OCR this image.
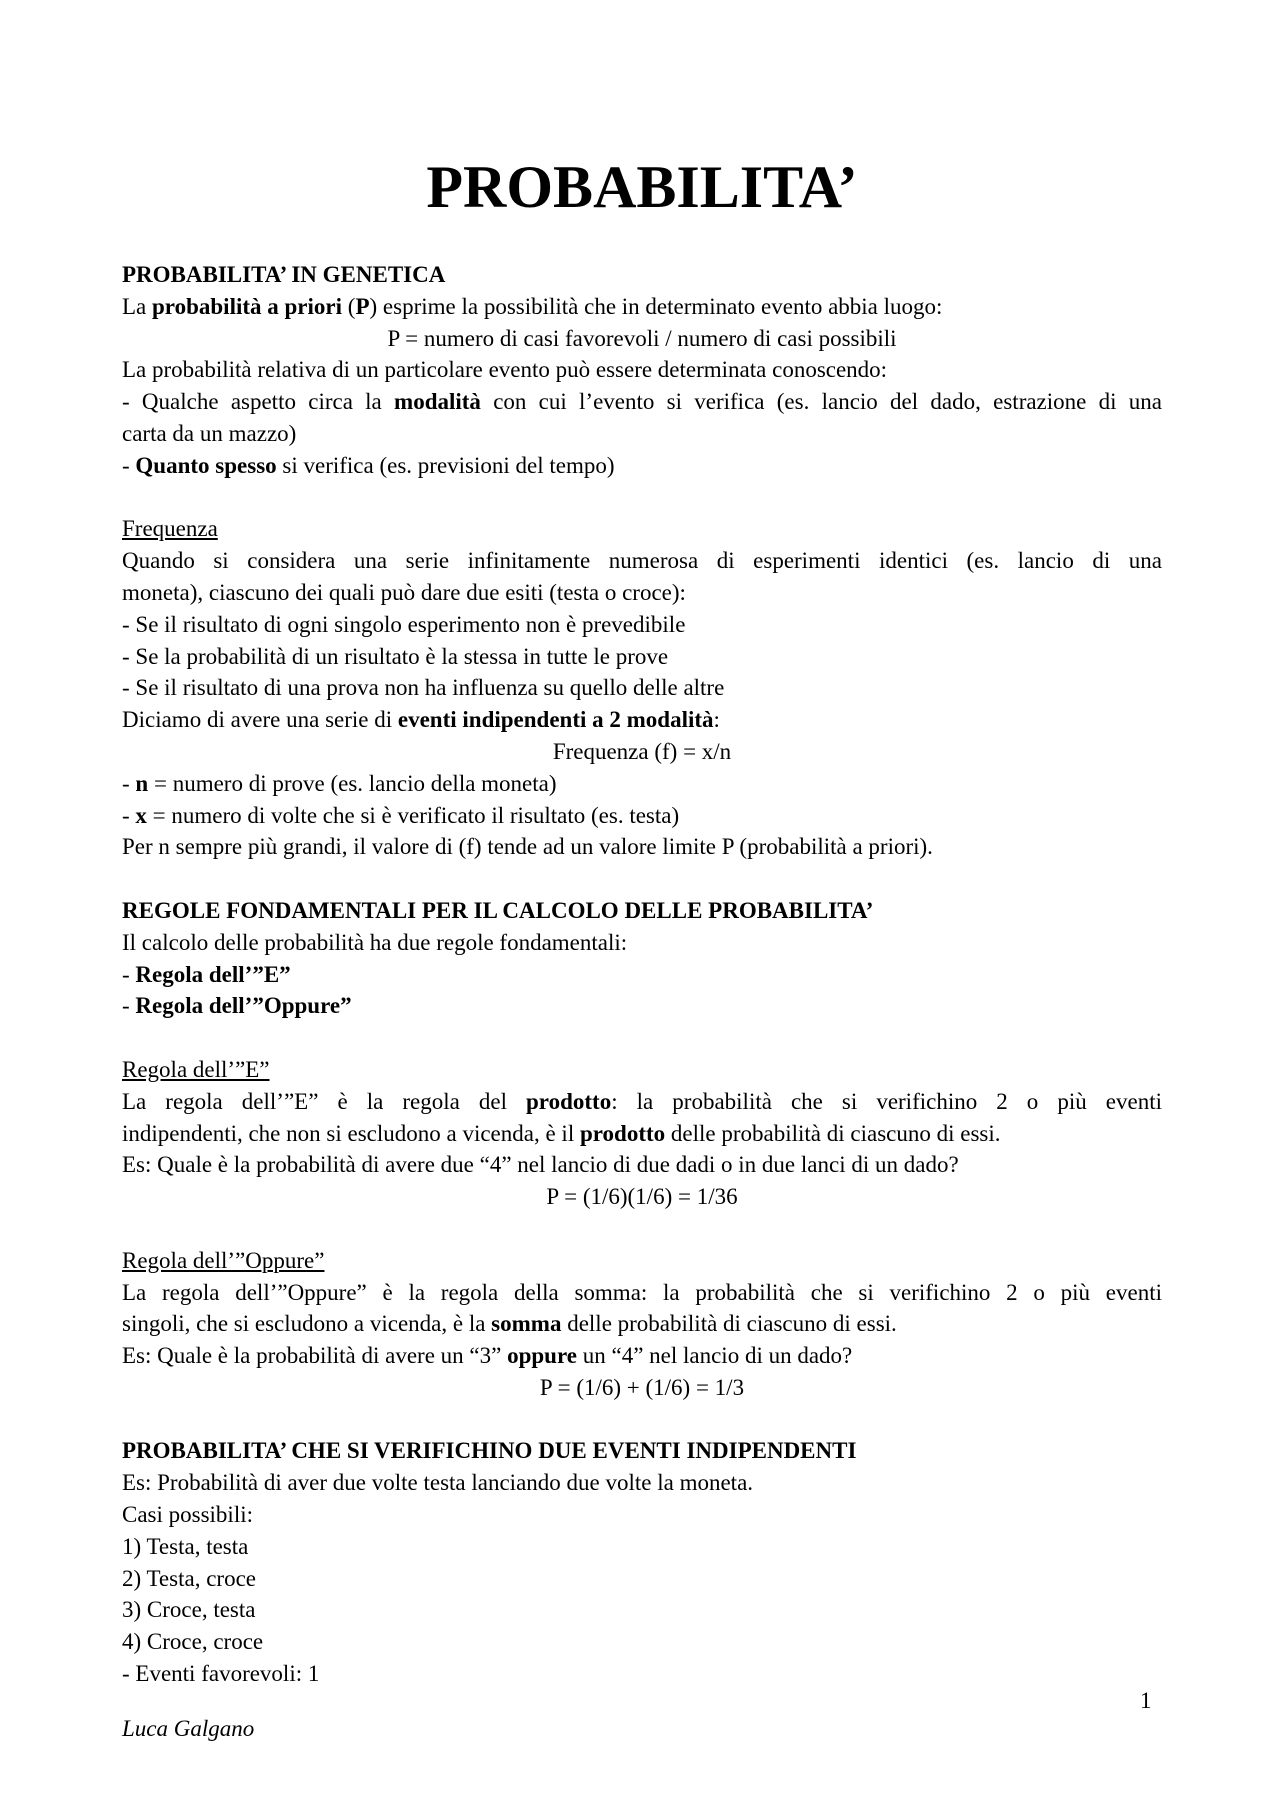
PROBABILITA’
PROBABILITA’ IN GENETICA
La probabilità a priori (P) esprime la possibilità che in determinato evento abbia luogo:
P = numero di casi favorevoli / numero di casi possibili
La probabilità relativa di un particolare evento può essere determinata conoscendo:
- Qualche aspetto circa la modalità con cui l’evento si verifica (es. lancio del dado, estrazione di una
carta da un mazzo)
- Quanto spesso si verifica (es. previsioni del tempo)
Frequenza
Quando si considera una serie infinitamente numerosa di esperimenti identici (es. lancio di una
moneta), ciascuno dei quali può dare due esiti (testa o croce):
- Se il risultato di ogni singolo esperimento non è prevedibile
- Se la probabilità di un risultato è la stessa in tutte le prove
- Se il risultato di una prova non ha influenza su quello delle altre
Diciamo di avere una serie di eventi indipendenti a 2 modalità:
Frequenza (f) = x/n
- n = numero di prove (es. lancio della moneta)
- x = numero di volte che si è verificato il risultato (es. testa)
Per n sempre più grandi, il valore di (f) tende ad un valore limite P (probabilità a priori).
REGOLE FONDAMENTALI PER IL CALCOLO DELLE PROBABILITA’
Il calcolo delle probabilità ha due regole fondamentali:
- Regola dell’”E”
- Regola dell’”Oppure”
Regola dell’”E”
La regola dell’”E” è la regola del prodotto: la probabilità che si verifichino 2 o più eventi
indipendenti, che non si escludono a vicenda, è il prodotto delle probabilità di ciascuno di essi.
Es: Quale è la probabilità di avere due “4” nel lancio di due dadi o in due lanci di un dado?
P = (1/6)(1/6) = 1/36
Regola dell’”Oppure”
La regola dell’”Oppure” è la regola della somma: la probabilità che si verifichino 2 o più eventi
singoli, che si escludono a vicenda, è la somma delle probabilità di ciascuno di essi.
Es: Quale è la probabilità di avere un “3” oppure un “4” nel lancio di un dado?
P = (1/6) + (1/6) = 1/3
PROBABILITA’ CHE SI VERIFICHINO DUE EVENTI INDIPENDENTI
Es: Probabilità di aver due volte testa lanciando due volte la moneta.
Casi possibili:
1) Testa, testa
2) Testa, croce
3) Croce, testa
4) Croce, croce
- Eventi favorevoli: 1
1
Luca Galgano
